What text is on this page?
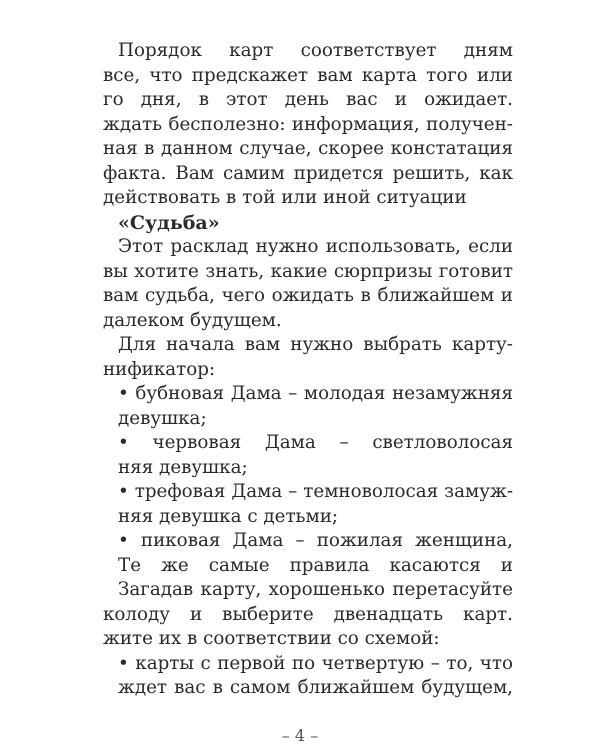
Порядок карт соответствует дням
все, что предскажет вам карта того или
го дня, в этот день вас и ожидает.
ждать бесполезно: информация, получен-
ная в данном случае, скорее констатация
факта. Вам самим придется решить, как
действовать в той или иной ситуации
«Судьба»
Этот расклад нужно использовать, если
вы хотите знать, какие сюрпризы готовит
вам судьба, чего ожидать в ближайшем и
далеком будущем.
Для начала вам нужно выбрать карту-
нификатор:
• бубновая Дама – молодая незамужняя
девушка;
• червовая Дама – светловолосая
няя девушка;
• трефовая Дама – темноволосая замуж-
няя девушка с детьми;
• пиковая Дама – пожилая женщина,
Те же самые правила касаются и
Загадав карту, хорошенько перетасуйте
колоду и выберите двенадцать карт.
жите их в соответствии со схемой:
• карты с первой по четвертую – то, что
ждет вас в самом ближайшем будущем,
– 4 –
